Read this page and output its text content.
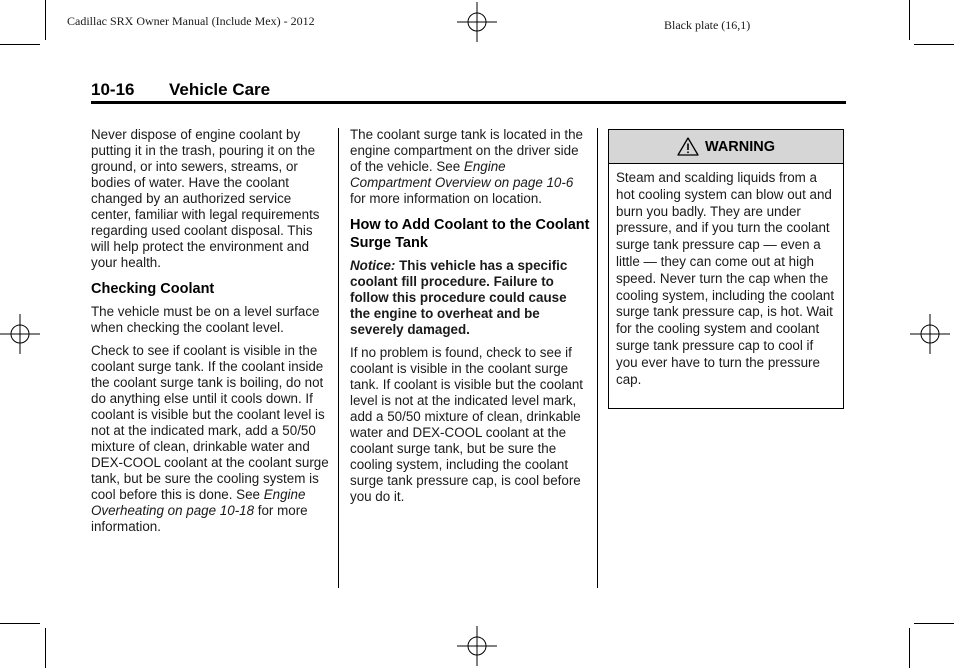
Cadillac SRX Owner Manual (Include Mex) - 2012	Black plate (16,1)
10-16 Vehicle Care

Never dispose of engine coolant by putting it in the trash, pouring it on the ground, or into sewers, streams, or bodies of water. Have the coolant changed by an authorized service center, familiar with legal requirements regarding used coolant disposal. This will help protect the environment and your health.

Checking Coolant

The vehicle must be on a level surface when checking the coolant level.

Check to see if coolant is visible in the coolant surge tank. If the coolant inside the coolant surge tank is boiling, do not do anything else until it cools down. If coolant is visible but the coolant level is not at the indicated mark, add a 50/50 mixture of clean, drinkable water and DEX-COOL coolant at the coolant surge tank, but be sure the cooling system is cool before this is done. See Engine Overheating on page 10-18 for more information.

The coolant surge tank is located in the engine compartment on the driver side of the vehicle. See Engine Compartment Overview on page 10-6 for more information on location.

How to Add Coolant to the Coolant Surge Tank

Notice: This vehicle has a specific coolant fill procedure. Failure to follow this procedure could cause the engine to overheat and be severely damaged.

If no problem is found, check to see if coolant is visible in the coolant surge tank. If coolant is visible but the coolant level is not at the indicated level mark, add a 50/50 mixture of clean, drinkable water and DEX-COOL coolant at the coolant surge tank, but be sure the cooling system, including the coolant surge tank pressure cap, is cool before you do it.

WARNING
Steam and scalding liquids from a hot cooling system can blow out and burn you badly. They are under pressure, and if you turn the coolant surge tank pressure cap — even a little — they can come out at high speed. Never turn the cap when the cooling system, including the coolant surge tank pressure cap, is hot. Wait for the cooling system and coolant surge tank pressure cap to cool if you ever have to turn the pressure cap.
